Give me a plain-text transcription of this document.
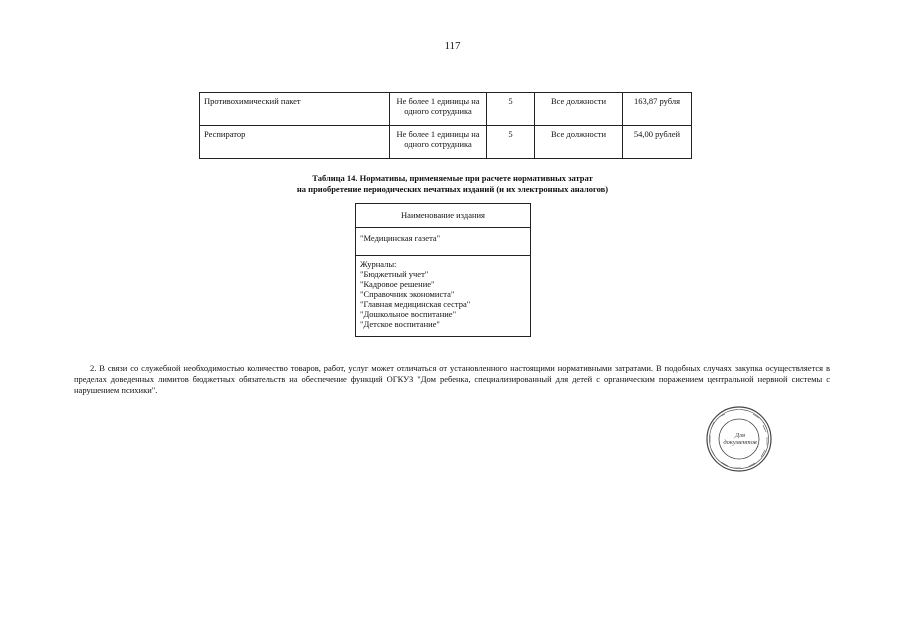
117
Противохимический пакет	Не более 1 единицы на одного сотрудника	5	Все должности	163,87 рубля
Респиратор	Не более 1 единицы на одного сотрудника	5	Все должности	54,00 рублей
Таблица 14. Нормативы, применяемые при расчете нормативных затрат
на приобретение периодических печатных изданий (и их электронных аналогов)
Наименование издания
"Медицинская газета"

Журналы:
"Бюджетный учет"
"Кадровое решение"
"Справочник экономиста"
"Главная медицинская сестра"
"Дошкольное воспитание"
"Детское воспитание"
2. В связи со служебной необходимостью количество товаров, работ, услуг может отличаться от установленного настоящими нормативными затратами. В подобных случаях закупка осуществляется в пределах доведенных лимитов бюджетных обязательств на обеспечение функций ОГКУЗ "Дом ребенка, специализированный для детей с органическим поражением центральной нервной системы с нарушением психики".
Для
документов
